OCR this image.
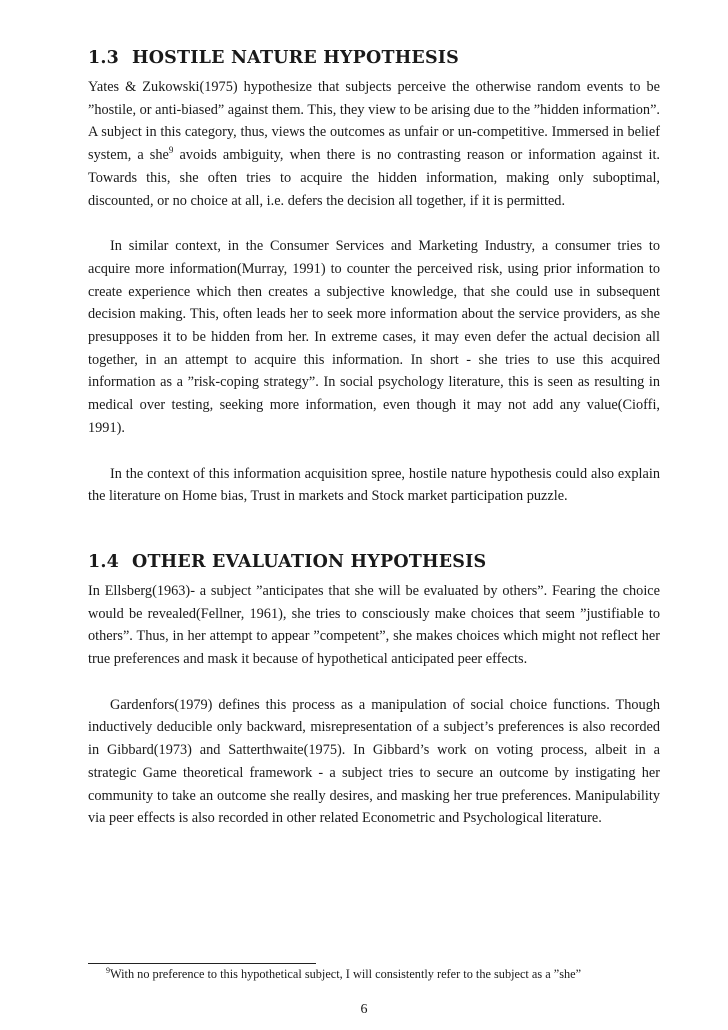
1.3 HOSTILE NATURE HYPOTHESIS

Yates & Zukowski(1975) hypothesize that subjects perceive the otherwise random events to be ”hostile, or anti-biased” against them. This, they view to be arising due to the ”hidden information”. A subject in this category, thus, views the outcomes as unfair or un-competitive. Immersed in belief system, a she$^9$ avoids ambiguity, when there is no contrasting reason or information against it. Towards this, she often tries to acquire the hidden information, making only suboptimal, discounted, or no choice at all, i.e. defers the decision all together, if it is permitted.

In similar context, in the Consumer Services and Marketing Industry, a consumer tries to acquire more information(Murray, 1991) to counter the perceived risk, using prior information to create experience which then creates a subjective knowledge, that she could use in subsequent decision making. This, often leads her to seek more information about the service providers, as she presupposes it to be hidden from her. In extreme cases, it may even defer the actual decision all together, in an attempt to acquire this information. In short - she tries to use this acquired information as a ”risk-coping strategy”. In social psychology literature, this is seen as resulting in medical over testing, seeking more information, even though it may not add any value(Cioffi, 1991).

In the context of this information acquisition spree, hostile nature hypothesis could also explain the literature on Home bias, Trust in markets and Stock market participation puzzle.

1.4 OTHER EVALUATION HYPOTHESIS

In Ellsberg(1963)- a subject ”anticipates that she will be evaluated by others”. Fearing the choice would be revealed(Fellner, 1961), she tries to consciously make choices that seem ”justifiable to others”. Thus, in her attempt to appear ”competent”, she makes choices which might not reflect her true preferences and mask it because of hypothetical anticipated peer effects.

Gardenfors(1979) defines this process as a manipulation of social choice functions. Though inductively deducible only backward, misrepresentation of a subject’s preferences is also recorded in Gibbard(1973) and Satterthwaite(1975). In Gibbard’s work on voting process, albeit in a strategic Game theoretical framework - a subject tries to secure an outcome by instigating her community to take an outcome she really desires, and masking her true preferences. Manipulability via peer effects is also recorded in other related Econometric and Psychological literature.

$^9$With no preference to this hypothetical subject, I will consistently refer to the subject as a ”she”
6
